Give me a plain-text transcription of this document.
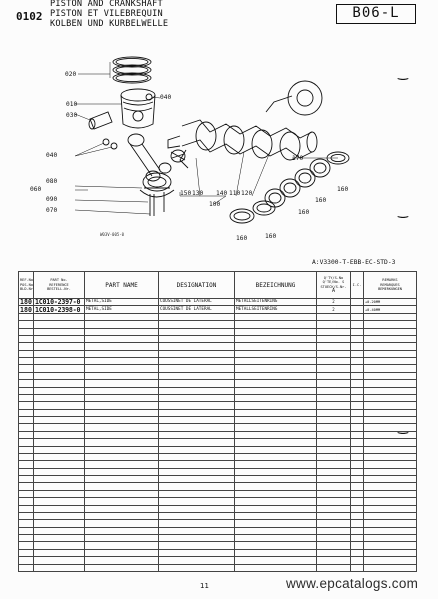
0102
PISTON AND CRANKSHAFT
PISTON ET VILEBREQUIN
KOLBEN UND KURBELWELLE
B06-L
020
040
010
030
040
060
080
090
070
150 130 140 110 120
100
170
160
160
160
160
160
W03V-005-0
‿
‿
‿
A:V3300-T-EBB-EC-STD-3
REF.No
POS.No
BLD-Nr	PART No.
REFERENCE
BESTELL-Nr.	PART NAME	DESIGNATION	BEZEICHNUNG	Q'TY/S.No
Q'TE/No. S
STUECK/S.Nr.
A	I.C.	REMARKS
REMARQUES
BEMERKUNGEN
180	1C010-2397-0	METAL,SIDE	COUSSINET DE LATERAL	METALLSEITENRING	2		+0.20MM
180	1C010-2398-0	METAL,SIDE	COUSSINET DE LATERAL	METALLSEITENRING	2		+0.40MM

11	www.epcatalogs.com
